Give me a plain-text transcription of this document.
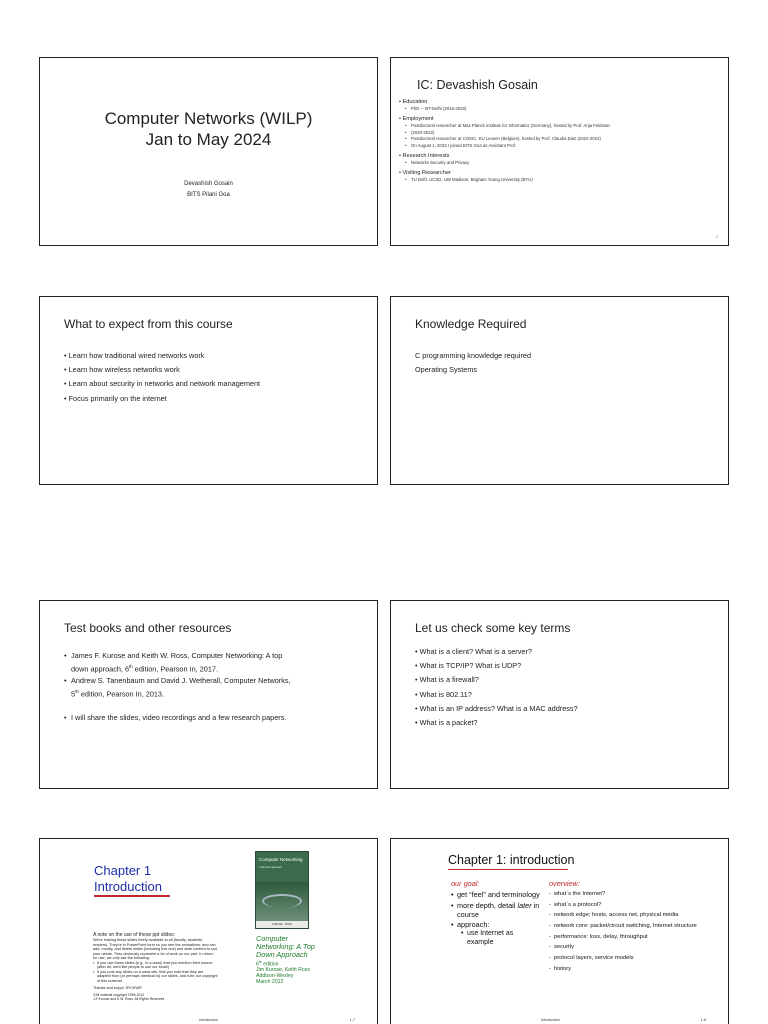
Computer Networks (WILP)
Jan to May 2024
Devashish Gosain
BITS Pilani Goa
IC: Devashish Gosain
• Education
• PhD -- IIIT-Delhi (2015-2020)
• Employment
• Postdoctoral researcher at Max Planck Institute for Informatics (Germany), hosted by Prof. Anja Feldman
• (2020-2022)
• Postdoctoral researcher at COSIC, KU Leuven (Belgium), hosted by Prof. Claudia Diaz (2022-2023)
• On August 1, 2023 I joined BITS Goa as Assistant Prof.
• Research Interests
• Networks Security and Privacy
• Visiting Researcher
• TU Delft, UCSD, UW Madison, Brigham Young University (BYU)
2
What to expect from this course
• Learn how traditional wired networks work
• Learn how wireless networks work
• Learn about security in networks and network management
• Focus primarily on the internet
Knowledge Required
C programming knowledge required
Operating Systems
Test books and other resources
• James F. Kurose and Keith W. Ross, Computer Networking: A top
down approach, 6th edition, Pearson In, 2017.
• Andrew S. Tanenbaum and David J. Wetherall, Computer Networks,
5th edition, Pearson In, 2013.
• I will share the slides, video recordings and a few research papers.
Let us check some key terms
• What is a client? What is a server?
• What is TCP/IP? What is UDP?
• What is a firewall?
• What is 802.11?
• What is an IP address? What is a MAC address?
• What is a packet?
Chapter 1
Introduction
Computer Networking
A Top-Down Approach
KUROSE · ROSS
Computer
Networking: A Top
Down Approach
6th edition
Jim Kurose, Keith Ross
Addison-Wesley
March 2012
A note on the use of these ppt slides:
We're making these slides freely available to all (faculty, students, readers). They're in PowerPoint form so you see the animations; and can add, modify, and delete slides (including this one) and slide content to suit your needs. They obviously represent a lot of work on our part. In return for use, we only ask the following:
• If you use these slides (e.g., in a class) that you mention their source (after all, we'd like people to use our book!)
• If you post any slides on a www site, that you note that they are adapted from (or perhaps identical to) our slides, and note our copyright of this material.
Thanks and enjoy! JFK/KWR
©All material copyright 1996-2012
J.F Kurose and K.W. Ross, All Rights Reserved
Introduction	1-7
Chapter 1: introduction
our goal:	overview:
• get “feel” and terminology
• more depth, detail later in course
• approach:
• use Internet as example
- what´s the Internet?
- what´s a protocol?
- network edge; hosts, access net, physical media
- network core: packet/circuit switching, Internet structure
- performance: loss, delay, throughput
- security
- protocol layers, service models
- history
Introduction	1-8
